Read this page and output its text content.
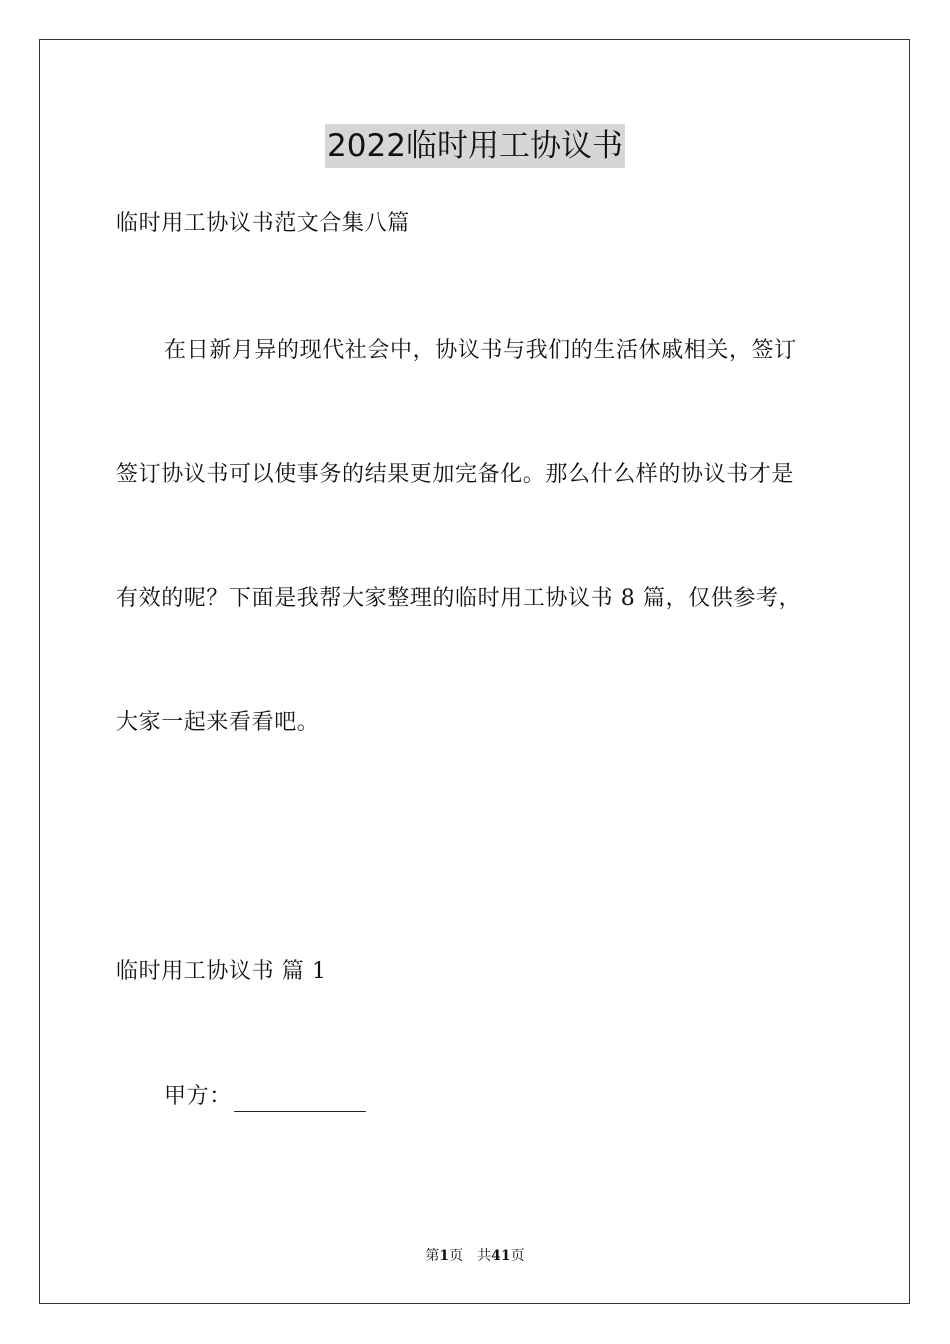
2022临时用工协议书
临时用工协议书范文合集八篇
在日新月异的现代社会中，协议书与我们的生活休戚相关，签订
签订协议书可以使事务的结果更加完备化。那么什么样的协议书才是
有效的呢？下面是我帮大家整理的临时用工协议书 8 篇，仅供参考，
大家一起来看看吧。
临时用工协议书 篇 1
甲方：
第1页 共41页
